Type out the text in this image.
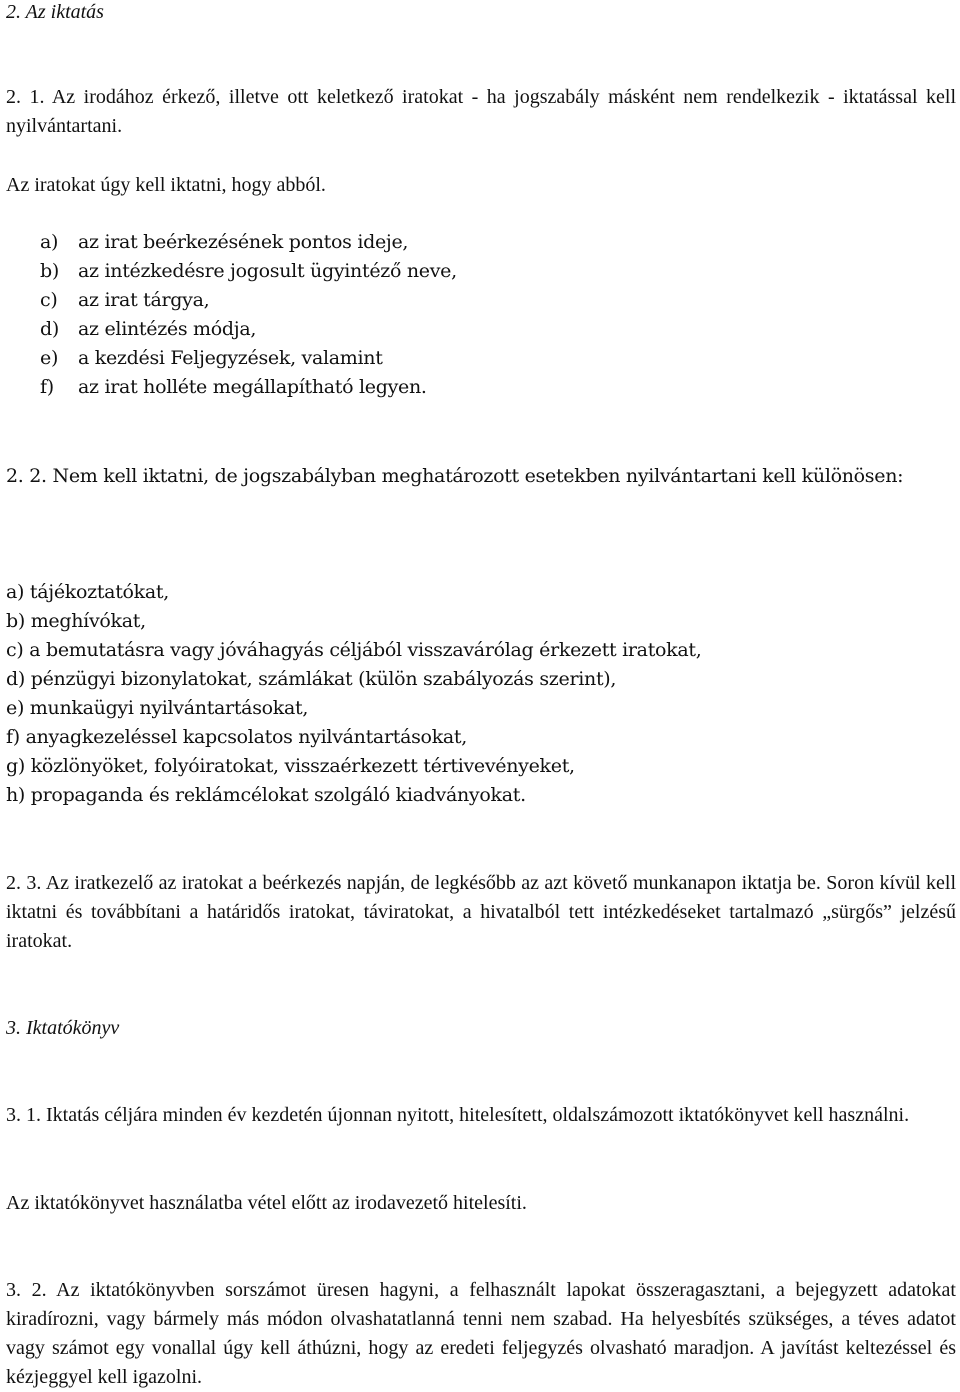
2. Az iktatás

2. 1. Az irodához érkező, illetve ott keletkező iratokat - ha jogszabály másként nem rendelkezik - iktatással kell nyilvántartani.

Az iratokat úgy kell iktatni, hogy abból.

a) az irat beérkezésének pontos ideje,
b) az intézkedésre jogosult ügyintéző neve,
c) az irat tárgya,
d) az elintézés módja,
e) a kezdési Feljegyzések, valamint
f) az irat holléte megállapítható legyen.

2. 2. Nem kell iktatni, de jogszabályban meghatározott esetekben nyilvántartani kell különösen:

a) tájékoztatókat,
b) meghívókat,
c) a bemutatásra vagy jóváhagyás céljából visszavárólag érkezett iratokat,
d) pénzügyi bizonylatokat, számlákat (külön szabályozás szerint),
e) munkaügyi nyilvántartásokat,
f) anyagkezeléssel kapcsolatos nyilvántartásokat,
g) közlönyöket, folyóiratokat, visszaérkezett tértivevényeket,
h) propaganda és reklámcélokat szolgáló kiadványokat.

2. 3. Az iratkezelő az iratokat a beérkezés napján, de legkésőbb az azt követő munkanapon iktatja be. Soron kívül kell iktatni és továbbítani a határidős iratokat, táviratokat, a hivatalból tett intézkedéseket tartalmazó „sürgős” jelzésű iratokat.

3. Iktatókönyv

3. 1. Iktatás céljára minden év kezdetén újonnan nyitott, hitelesített, oldalszámozott iktatókönyvet kell használni.

Az iktatókönyvet használatba vétel előtt az irodavezető hitelesíti.

3. 2. Az iktatókönyvben sorszámot üresen hagyni, a felhasznált lapokat összeragasztani, a bejegyzett adatokat kiradírozni, vagy bármely más módon olvashatatlanná tenni nem szabad. Ha helyesbítés szükséges, a téves adatot vagy számot egy vonallal úgy kell áthúzni, hogy az eredeti feljegyzés olvasható maradjon. A javítást keltezéssel és kézjeggyel kell igazolni.
